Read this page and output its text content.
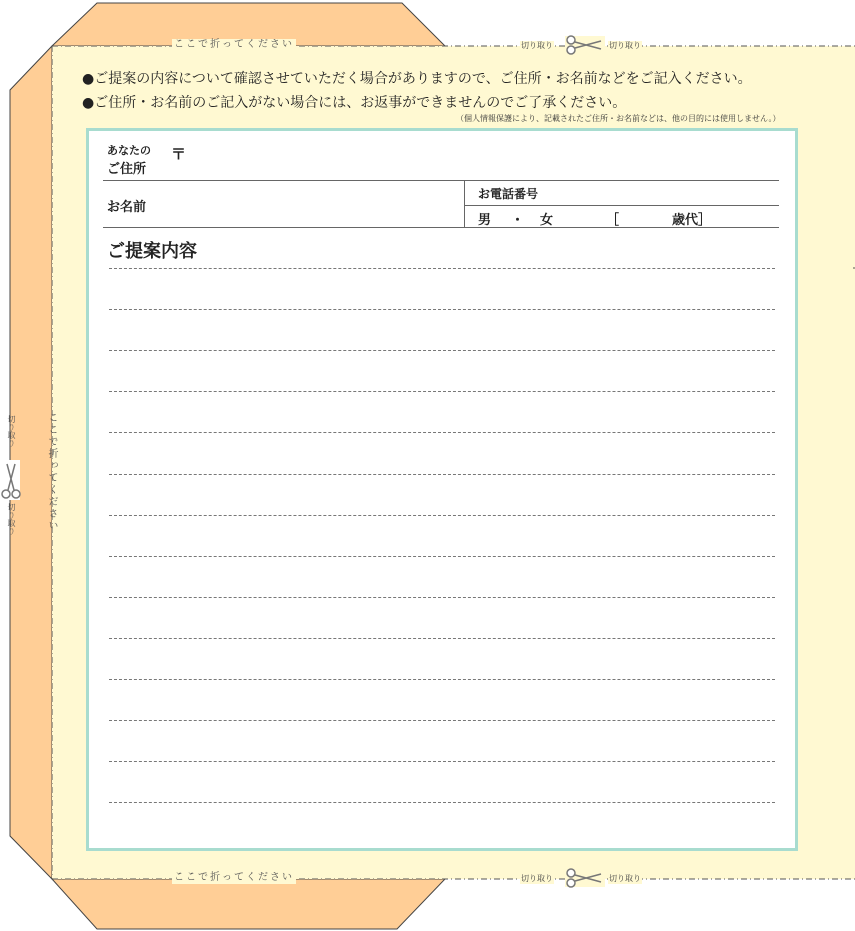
ここで折ってください
ここで折ってください
ここで折ってください
切り取り	切り取り
切り取り	切り取り
切り取り
切り取り
●ご提案の内容について確認させていただく場合がありますので、ご住所・お名前などをご記入ください。
●ご住所・お名前のご記入がない場合には、お返事ができませんのでご了承ください。
（個人情報保護により、記載されたご住所・お名前などは、他の目的には使用しません。）
あなたの
ご住所
〒
お名前
お電話番号
男 ・ 女	［	歳代］
ご提案内容
